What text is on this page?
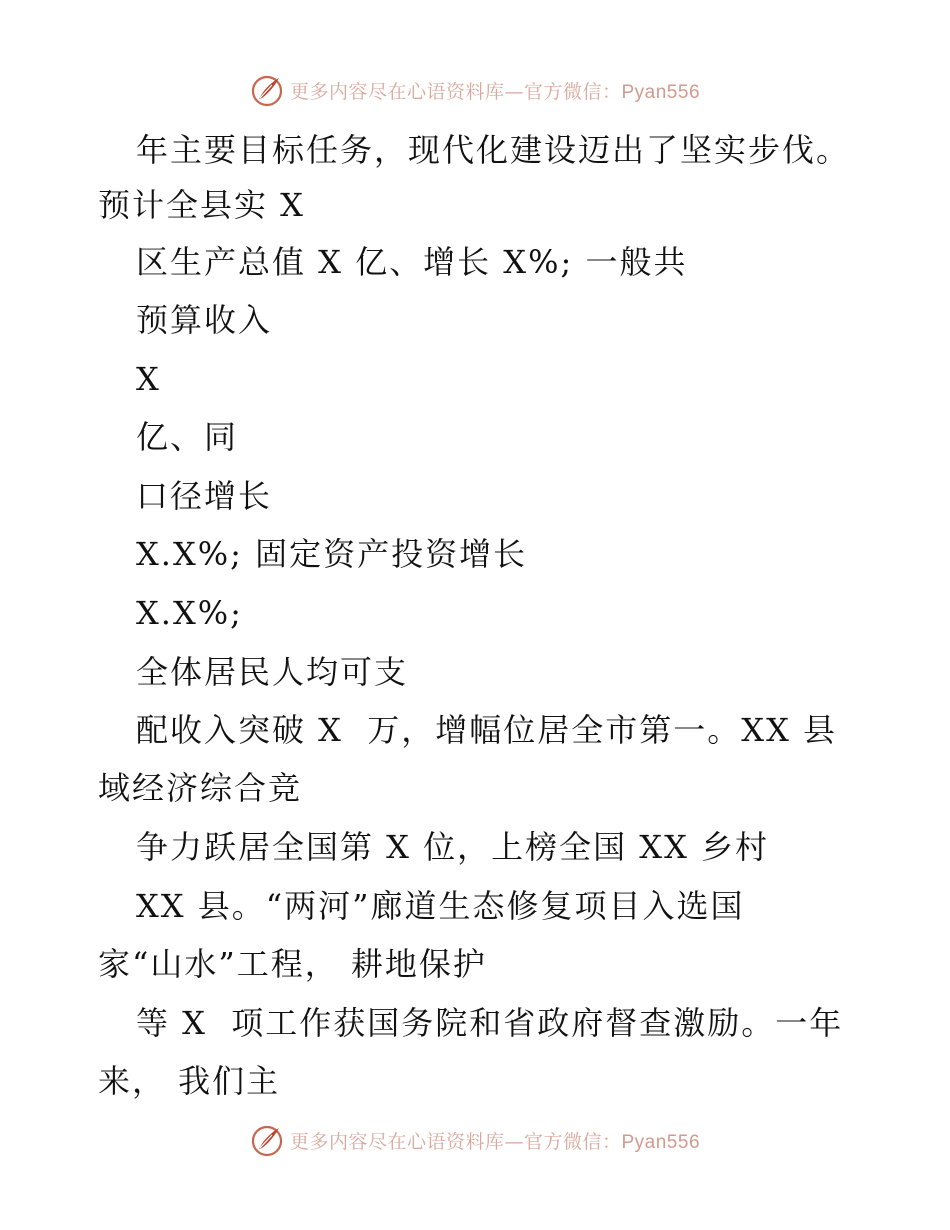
更多内容尽在心语资料库—官方微信：Pyan556
年主要目标任务，现代化建设迈出了坚实步伐。
预计全县实 X
区生产总值 X 亿、增长 X%; 一般共
预算收入
X
亿、同
口径增长
X.X%; 固定资产投资增长
X.X%;
全体居民人均可支
配收入突破 X  万，增幅位居全市第一。XX 县
域经济综合竞
争力跃居全国第 X 位，上榜全国 XX 乡村
XX 县。“两河”廊道生态修复项目入选国
家“山水”工程， 耕地保护
等 X  项工作获国务院和省政府督查激励。一年
来， 我们主
更多内容尽在心语资料库—官方微信：Pyan556
